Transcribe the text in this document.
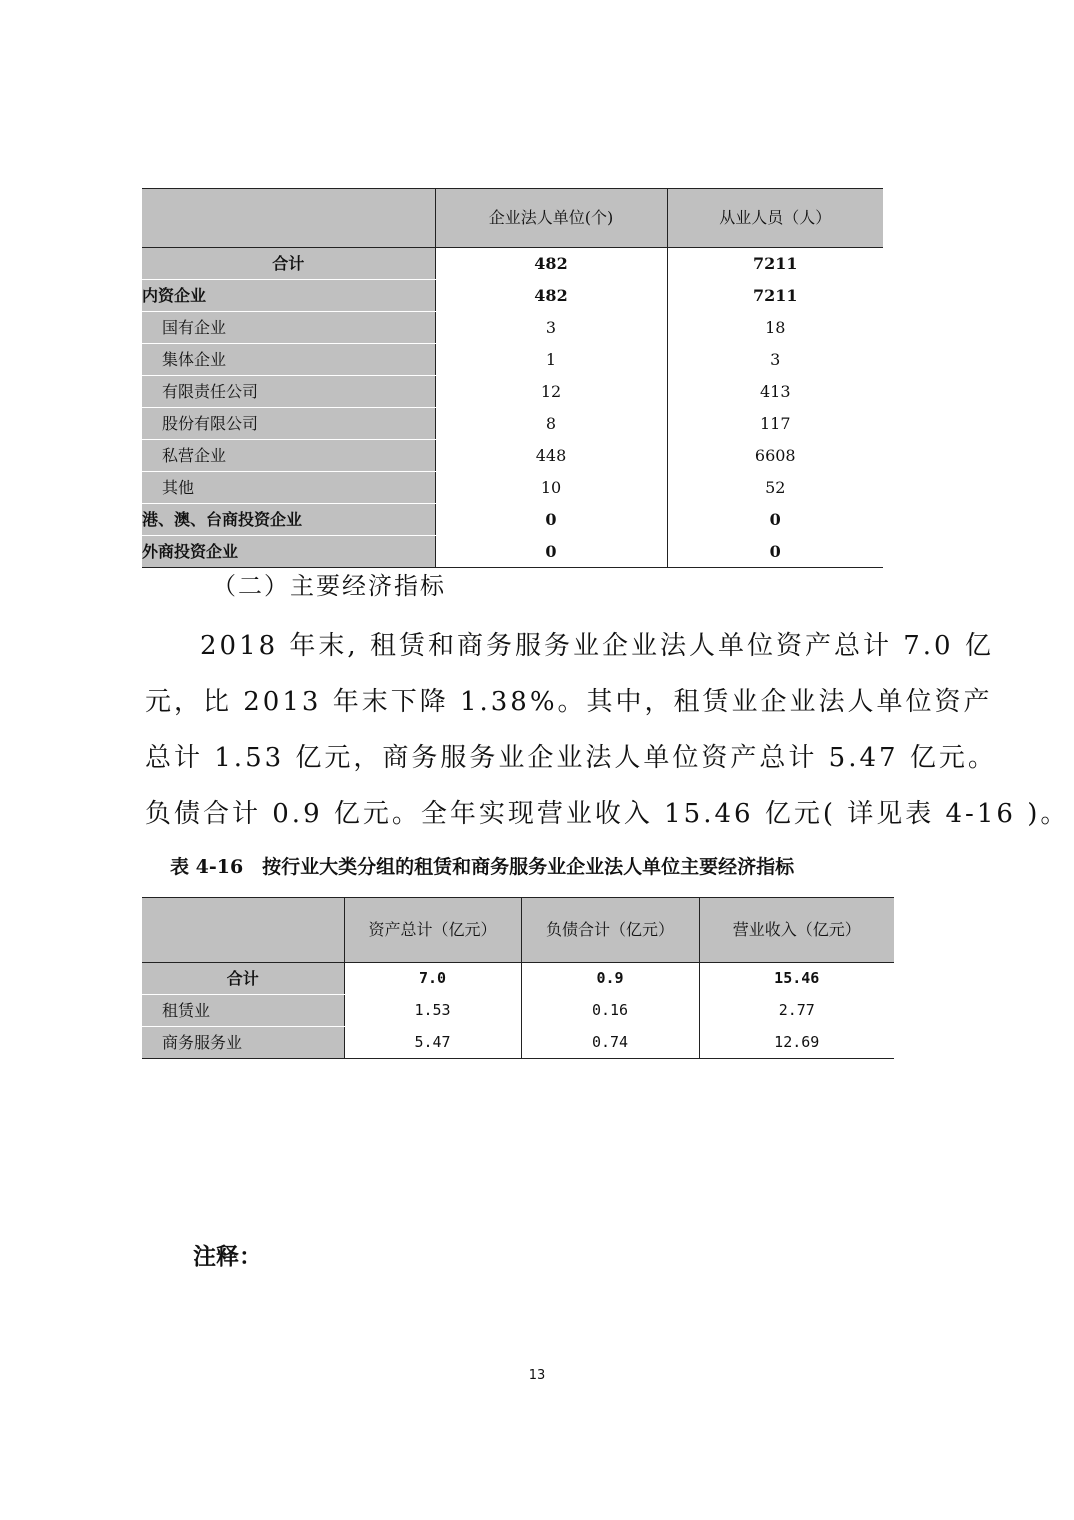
	企业法人单位(个)	从业人员（人）
合计	482	7211
内资企业	482	7211
国有企业	3	18
集体企业	1	3
有限责任公司	12	413
股份有限公司	8	117
私营企业	448	6608
其他	10	52
港、澳、台商投资企业	0	0
外商投资企业	0	0
（二）主要经济指标
2018 年末, 租赁和商务服务业企业法人单位资产总计 7.0 亿
元，比 2013 年末下降 1.38%。其中，租赁业企业法人单位资产
总计 1.53 亿元，商务服务业企业法人单位资产总计 5.47 亿元。
负债合计 0.9 亿元。全年实现营业收入 15.46 亿元( 详见表 4-16 )。
表 4-16　按行业大类分组的租赁和商务服务业企业法人单位主要经济指标
	资产总计（亿元）	负债合计（亿元）	营业收入（亿元）
合计	7.0	0.9	15.46
租赁业	1.53	0.16	2.77
商务服务业	5.47	0.74	12.69
注释：
13
